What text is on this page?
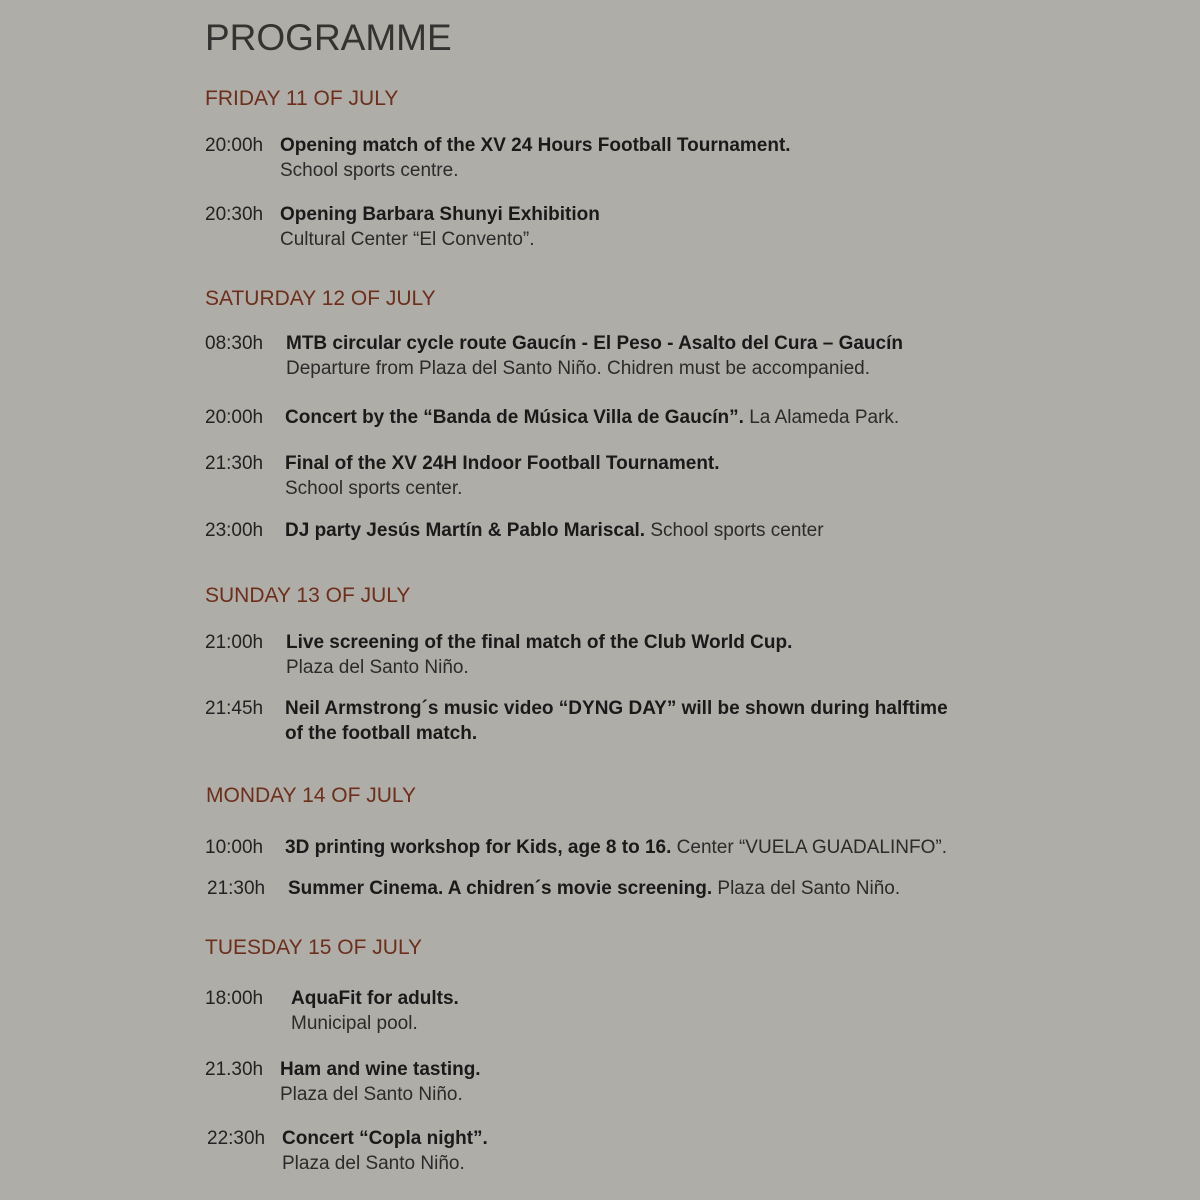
PROGRAMME
FRIDAY 11 OF JULY
20:00h Opening match of the XV 24 Hours Football Tournament.
School sports centre.
20:30h Opening Barbara Shunyi Exhibition
Cultural Center “El Convento”.
SATURDAY 12 OF JULY
08:30h	MTB circular cycle route Gaucín - El Peso - Asalto del Cura – Gaucín
Departure from Plaza del Santo Niño. Chidren must be accompanied.
20:00h	Concert by the “Banda de Música Villa de Gaucín”. La Alameda Park.
21:30h	Final of the XV 24H Indoor Football Tournament.
School sports center.
23:00h	DJ party Jesús Martín & Pablo Mariscal. School sports center
SUNDAY 13 OF JULY
21:00h	Live screening of the final match of the Club World Cup.
Plaza del Santo Niño.
21:45h	Neil Armstrong´s music video “DYNG DAY” will be shown during halftime
of the football match.
MONDAY 14 OF JULY
10:00h	3D printing workshop for Kids, age 8 to 16. Center “VUELA GUADALINFO”.
21:30h	Summer Cinema. A chidren´s movie screening. Plaza del Santo Niño.
TUESDAY 15 OF JULY
18:00h	AquaFit for adults.
Municipal pool.
21.30h Ham and wine tasting.
Plaza del Santo Niño.
22:30h Concert “Copla night”.
Plaza del Santo Niño.
